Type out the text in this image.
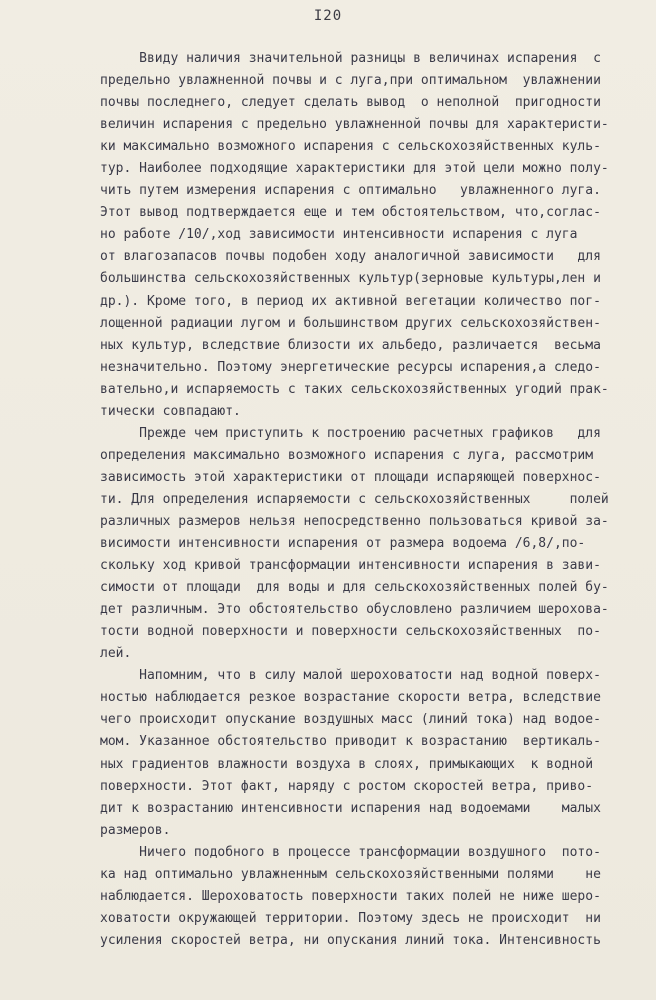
I20
Ввиду наличия значительной разницы в величинах испарения  с
предельно увлажненной почвы и с луга,при оптимальном  увлажнении
почвы последнего, следует сделать вывод  о неполной  пригодности
величин испарения с предельно увлажненной почвы для характеристи-
ки максимально возможного испарения с сельскохозяйственных куль-
тур. Наиболее подходящие характеристики для этой цели можно полу-
чить путем измерения испарения с оптимально   увлажненного луга.
Этот вывод подтверждается еще и тем обстоятельством, что,соглас-
но работе /10/,ход зависимости интенсивности испарения с луга
от влагозапасов почвы подобен ходу аналогичной зависимости   для
большинства сельскохозяйственных культур(зерновые культуры,лен и
др.). Кроме того, в период их активной вегетации количество пог-
лощенной радиации лугом и большинством других сельскохозяйствен-
ных культур, вследствие близости их альбедо, различается  весьма
незначительно. Поэтому энергетические ресурсы испарения,а следо-
вательно,и испаряемость с таких сельскохозяйственных угодий прак-
тически совпадают.
Прежде чем приступить к построению расчетных графиков   для
определения максимально возможного испарения с луга, рассмотрим
зависимость этой характеристики от площади испаряющей поверхнос-
ти. Для определения испаряемости с сельскохозяйственных     полей
различных размеров нельзя непосредственно пользоваться кривой за-
висимости интенсивности испарения от размера водоема /6,8/,по-
скольку ход кривой трансформации интенсивности испарения в зави-
симости от площади  для воды и для сельскохозяйственных полей бу-
дет различным. Это обстоятельство обусловлено различием шерохова-
тости водной поверхности и поверхности сельскохозяйственных  по-
лей.
Напомним, что в силу малой шероховатости над водной поверх-
ностью наблюдается резкое возрастание скорости ветра, вследствие
чего происходит опускание воздушных масс (линий тока) над водое-
мом. Указанное обстоятельство приводит к возрастанию  вертикаль-
ных градиентов влажности воздуха в слоях, примыкающих  к водной
поверхности. Этот факт, наряду с ростом скоростей ветра, приво-
дит к возрастанию интенсивности испарения над водоемами    малых
размеров.
Ничего подобного в процессе трансформации воздушного  пото-
ка над оптимально увлажненным сельскохозяйственными полями    не
наблюдается. Шероховатость поверхности таких полей не ниже шеро-
ховатости окружающей территории. Поэтому здесь не происходит  ни
усиления скоростей ветра, ни опускания линий тока. Интенсивность
